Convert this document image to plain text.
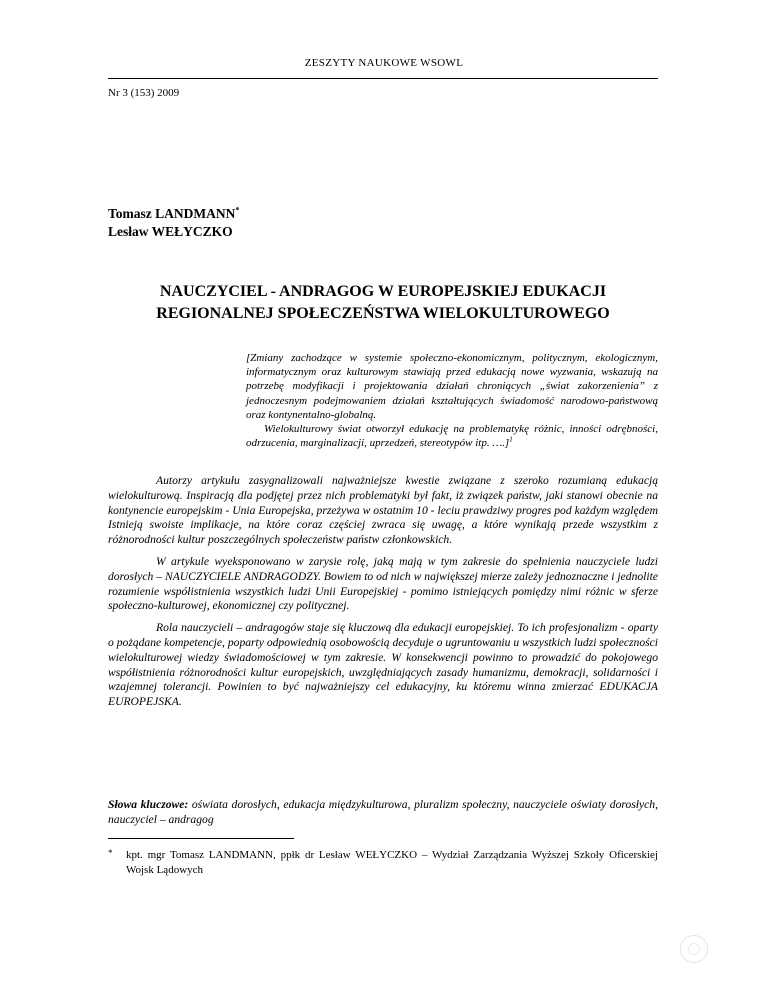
ZESZYTY NAUKOWE WSOWL
Nr 3 (153) 2009
Tomasz LANDMANN*
Lesław WEŁYCZKO
NAUCZYCIEL - ANDRAGOG W EUROPEJSKIEJ EDUKACJI
REGIONALNEJ SPOŁECZEŃSTWA WIELOKULTUROWEGO

[Zmiany zachodzące w systemie społeczno-ekonomicznym, politycznym, ekologicznym, informatycznym oraz kulturowym stawiają przed edukacją nowe wyzwania, wskazują na potrzebę modyfikacji i projektowania działań chroniących „świat zakorzenienia” z jednoczesnym podejmowaniem działań kształtujących świadomość narodowo-państwową oraz kontynentalno-globalną.

Wielokulturowy świat otworzył edukację na problematykę różnic, inności odrębności, odrzucenia, marginalizacji, uprzedzeń, stereotypów itp. ….]$^1$

Autorzy artykułu zasygnalizowali najważniejsze kwestie związane z szeroko rozumianą edukacją wielokulturową. Inspiracją dla podjętej przez nich problematyki był fakt, iż związek państw, jaki stanowi obecnie na kontynencie europejskim - Unia Europejska, przeżywa w ostatnim 10 - leciu prawdziwy progres pod każdym względem Istnieją swoiste implikacje, na które coraz częściej zwraca się uwagę, a które wynikają przede wszystkim z różnorodności kultur poszczególnych społeczeństw państw członkowskich.

W artykule wyeksponowano w zarysie rolę, jaką mają w tym zakresie do spełnienia nauczyciele ludzi dorosłych – NAUCZYCIELE ANDRAGODZY. Bowiem to od nich w największej mierze zależy jednoznaczne i jednolite rozumienie współistnienia wszystkich ludzi Unii Europejskiej - pomimo istniejących pomiędzy nimi różnic w sferze społeczno-kulturowej, ekonomicznej czy politycznej.

Rola nauczycieli – andragogów staje się kluczową dla edukacji europejskiej. To ich profesjonalizm - oparty o pożądane kompetencje, poparty odpowiednią osobowością decyduje o ugruntowaniu u wszystkich ludzi społeczności wielokulturowej wiedzy świadomościowej w tym zakresie. W konsekwencji powinno to prowadzić do pokojowego współistnienia różnorodności kultur europejskich, uwzględniających zasady humanizmu, demokracji, solidarności i wzajemnej tolerancji. Powinien to być najważniejszy cel edukacyjny, ku któremu winna zmierzać EDUKACJA EUROPEJSKA.

Słowa kluczowe: oświata dorosłych, edukacja międzykulturowa, pluralizm społeczny, nauczyciele oświaty dorosłych, nauczyciel – andragog
* kpt. mgr Tomasz LANDMANN, ppłk dr Lesław WEŁYCZKO – Wydział Zarządzania Wyższej Szkoły Oficerskiej Wojsk Lądowych
